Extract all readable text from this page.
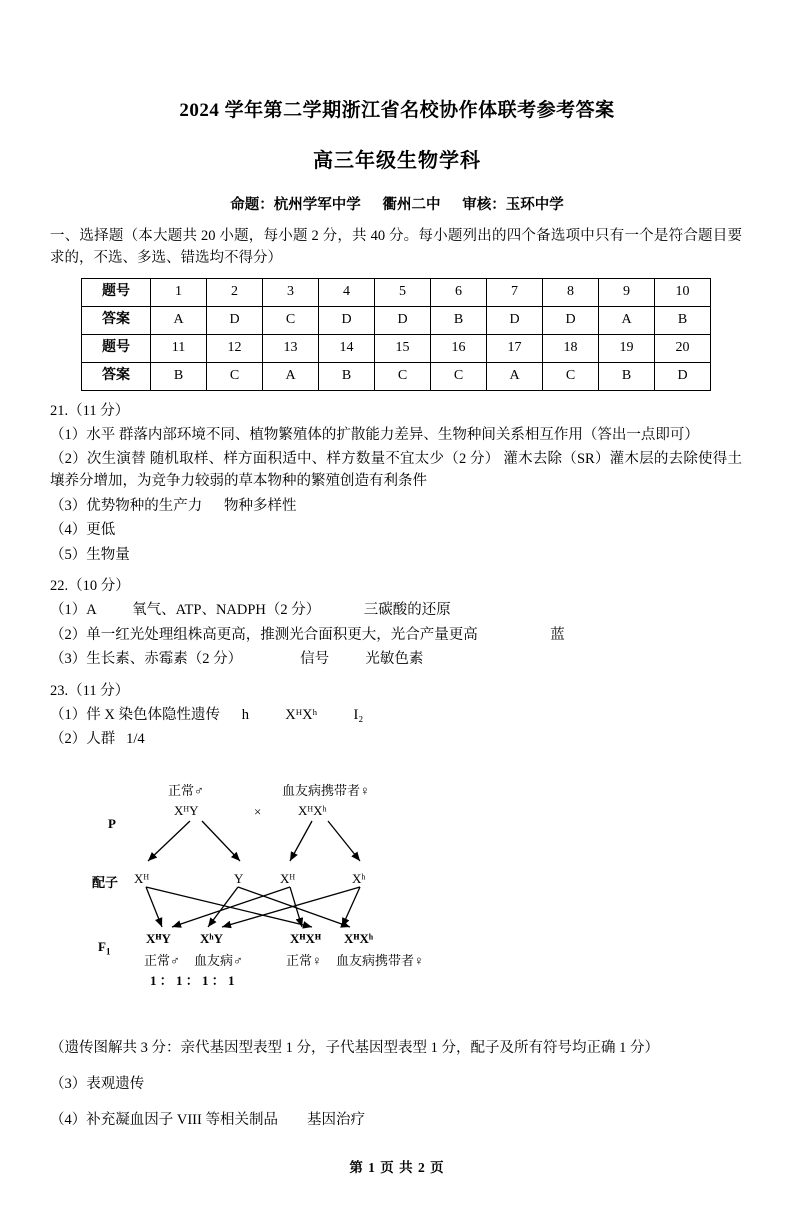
2024 学年第二学期浙江省名校协作体联考参考答案
高三年级生物学科
命题：杭州学军中学 衢州二中 审核：玉环中学
一、选择题（本大题共 20 小题，每小题 2 分，共 40 分。每小题列出的四个备选项中只有一个是符合题目要求的，不选、多选、错选均不得分）
题号	1	2	3	4	5	6	7	8	9	10
答案	A	D	C	D	D	B	D	D	A	B
题号	11	12	13	14	15	16	17	18	19	20
答案	B	C	A	B	C	C	A	C	B	D
21.（11 分）
（1）水平 群落内部环境不同、植物繁殖体的扩散能力差异、生物种间关系相互作用（答出一点即可）
（2）次生演替 随机取样、样方面积适中、样方数量不宜太少（2 分） 灌木去除（SR）灌木层的去除使得土壤养分增加，为竞争力较弱的草本物种的繁殖创造有利条件
（3）优势物种的生产力      物种多样性
（4）更低
（5）生物量
22.（10 分）
（1）A          氧气、ATP、NADPH（2 分）            三碳酸的还原
（2）单一红光处理组株高更高，推测光合面积更大，光合产量更高                    蓝
（3）生长素、赤霉素（2 分）                信号          光敏色素
23.（11 分）
（1）伴 X 染色体隐性遗传      h          XᴴXʰ          I₂
（2）人群   1/4
P
配子
$F_1$
正常♂
XᴴY	×
血友病携带者♀
XᴴXʰ
Xᴴ	Y	Xᴴ	Xʰ
XᴴY XʰY	XᴴXᴴ XᴴXʰ
正常♂ 血友病♂	正常♀ 血友病携带者♀
1 ： 1 ： 1 ： 1
（遗传图解共 3 分：亲代基因型表型 1 分，子代基因型表型 1 分，配子及所有符号均正确 1 分）
（3）表观遗传
（4）补充凝血因子 VIII 等相关制品        基因治疗
第 1 页 共 2 页
